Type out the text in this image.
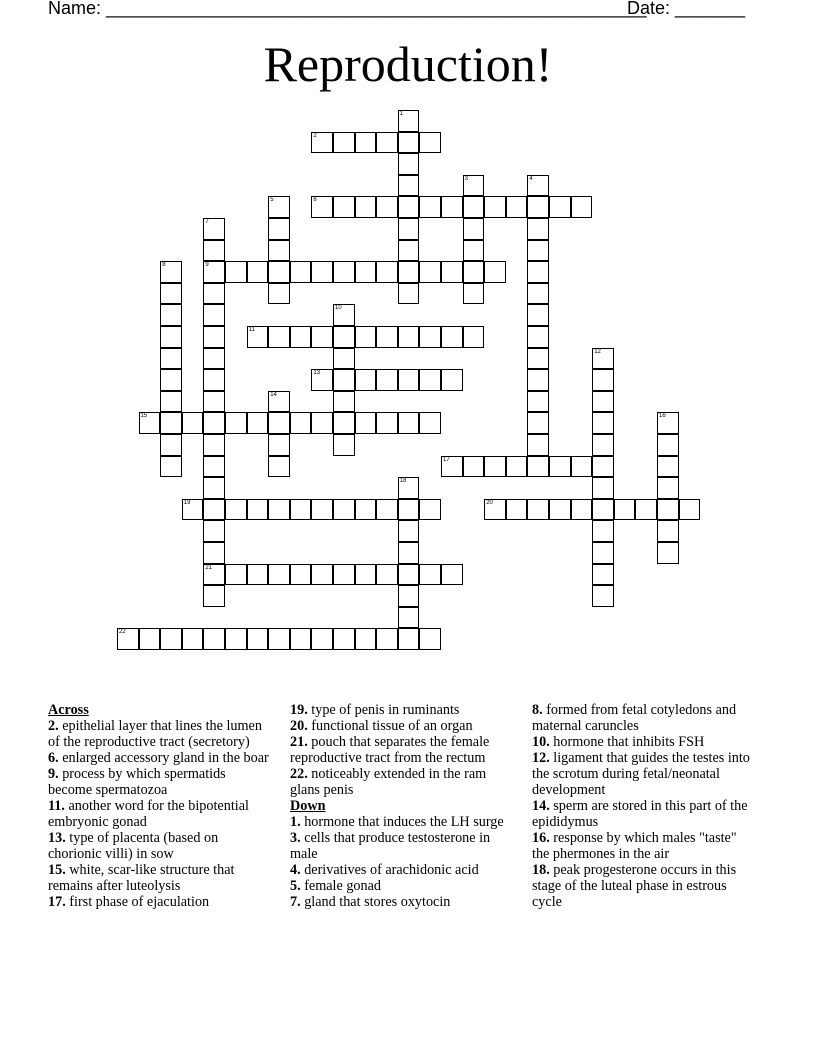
Name: ______________________________________________________
Date: _______
Reproduction!
1
2
3	4
5	6
7
9
21
8
10
11
12
13
14
15	16
17
18
19	20
22
Across
2. epithelial layer that lines the lumen of the reproductive tract (secretory)
6. enlarged accessory gland in the boar
9. process by which spermatids become spermatozoa
11. another word for the bipotential embryonic gonad
13. type of placenta (based on chorionic villi) in sow
15. white, scar-like structure that remains after luteolysis
17. first phase of ejaculation
19. type of penis in ruminants
20. functional tissue of an organ
21. pouch that separates the female reproductive tract from the rectum
22. noticeably extended in the ram glans penis
Down
1. hormone that induces the LH surge
3. cells that produce testosterone in male
4. derivatives of arachidonic acid
5. female gonad
7. gland that stores oxytocin
8. formed from fetal cotyledons and maternal caruncles
10. hormone that inhibits FSH
12. ligament that guides the testes into the scrotum during fetal/neonatal development
14. sperm are stored in this part of the epididymus
16. response by which males "taste" the phermones in the air
18. peak progesterone occurs in this stage of the luteal phase in estrous cycle
